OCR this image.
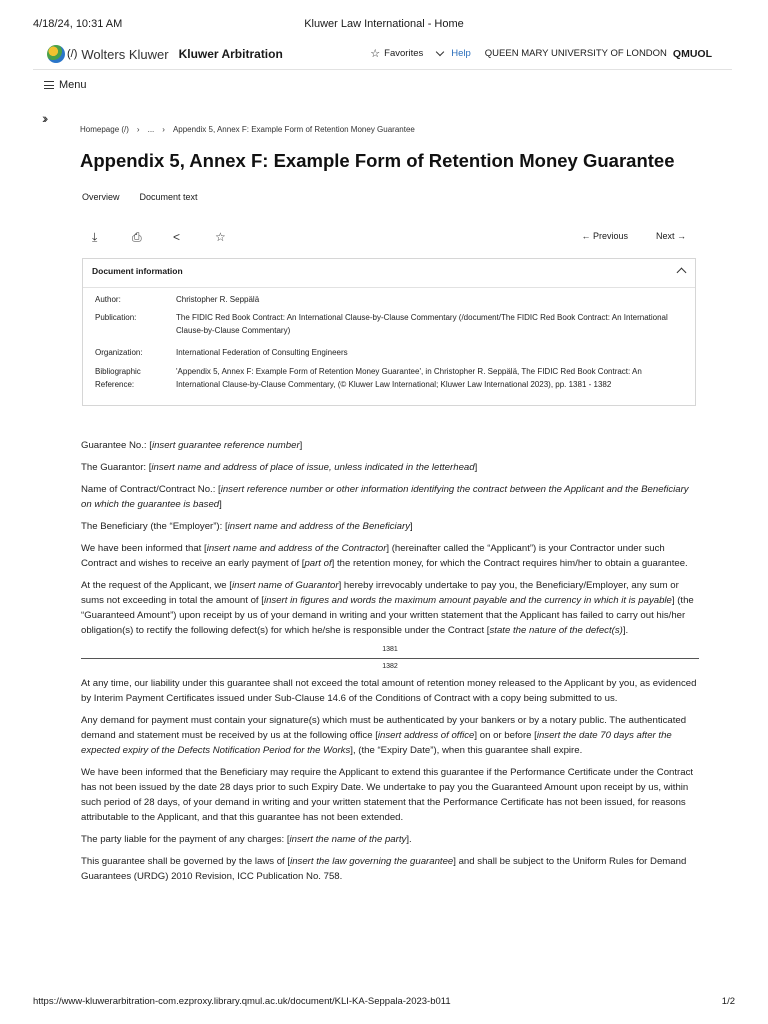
4/18/24, 10:31 AM	Kluwer Law International - Home
(/) Wolters Kluwer Kluwer Arbitration	☆ Favorites	Help QUEEN MARY UNIVERSITY OF LONDON QMUOL
Menu
››
Homepage (/) › ... › Appendix 5, Annex F: Example Form of Retention Money Guarantee
Appendix 5, Annex F: Example Form of Retention Money Guarantee
Overview Document text
⤓	⎙	<	☆	← Previous	Next →
Document information
Author:	Christopher R. Seppälä
Publication:	The FIDIC Red Book Contract: An International Clause-by-Clause Commentary (/document/The FIDIC Red Book Contract: An International Clause-by-Clause Commentary)
Organization:	International Federation of Consulting Engineers
Bibliographic Reference:
'Appendix 5, Annex F: Example Form of Retention Money Guarantee', in Christopher R. Seppälä, The FIDIC Red Book Contract: An International Clause-by-Clause Commentary, (© Kluwer Law International; Kluwer Law International 2023), pp. 1381 - 1382

Guarantee No.: [insert guarantee reference number]

The Guarantor: [insert name and address of place of issue, unless indicated in the letterhead]

Name of Contract/Contract No.: [insert reference number or other information identifying the contract between the Applicant and the Beneficiary on which the guarantee is based]

The Beneficiary (the “Employer”): [insert name and address of the Beneficiary]

We have been informed that [insert name and address of the Contractor] (hereinafter called the “Applicant”) is your Contractor under such Contract and wishes to receive an early payment of [part of] the retention money, for which the Contract requires him/her to obtain a guarantee.

At the request of the Applicant, we [insert name of Guarantor] hereby irrevocably undertake to pay you, the Beneficiary/Employer, any sum or sums not exceeding in total the amount of [insert in figures and words the maximum amount payable and the currency in which it is payable] (the “Guaranteed Amount”) upon receipt by us of your demand in writing and your written statement that the Applicant has failed to carry out his/her obligation(s) to rectify the following defect(s) for which he/she is responsible under the Contract [state the nature of the defect(s)].

1381
1382

At any time, our liability under this guarantee shall not exceed the total amount of retention money released to the Applicant by you, as evidenced by Interim Payment Certificates issued under Sub-Clause 14.6 of the Conditions of Contract with a copy being submitted to us.

Any demand for payment must contain your signature(s) which must be authenticated by your bankers or by a notary public. The authenticated demand and statement must be received by us at the following office [insert address of office] on or before [insert the date 70 days after the expected expiry of the Defects Notification Period for the Works], (the “Expiry Date”), when this guarantee shall expire.

We have been informed that the Beneficiary may require the Applicant to extend this guarantee if the Performance Certificate under the Contract has not been issued by the date 28 days prior to such Expiry Date. We undertake to pay you the Guaranteed Amount upon receipt by us, within such period of 28 days, of your demand in writing and your written statement that the Performance Certificate has not been issued, for reasons attributable to the Applicant, and that this guarantee has not been extended.

The party liable for the payment of any charges: [insert the name of the party].

This guarantee shall be governed by the laws of [insert the law governing the guarantee] and shall be subject to the Uniform Rules for Demand Guarantees (URDG) 2010 Revision, ICC Publication No. 758.

https://www-kluwerarbitration-com.ezproxy.library.qmul.ac.uk/document/KLI-KA-Seppala-2023-b011	1/2
